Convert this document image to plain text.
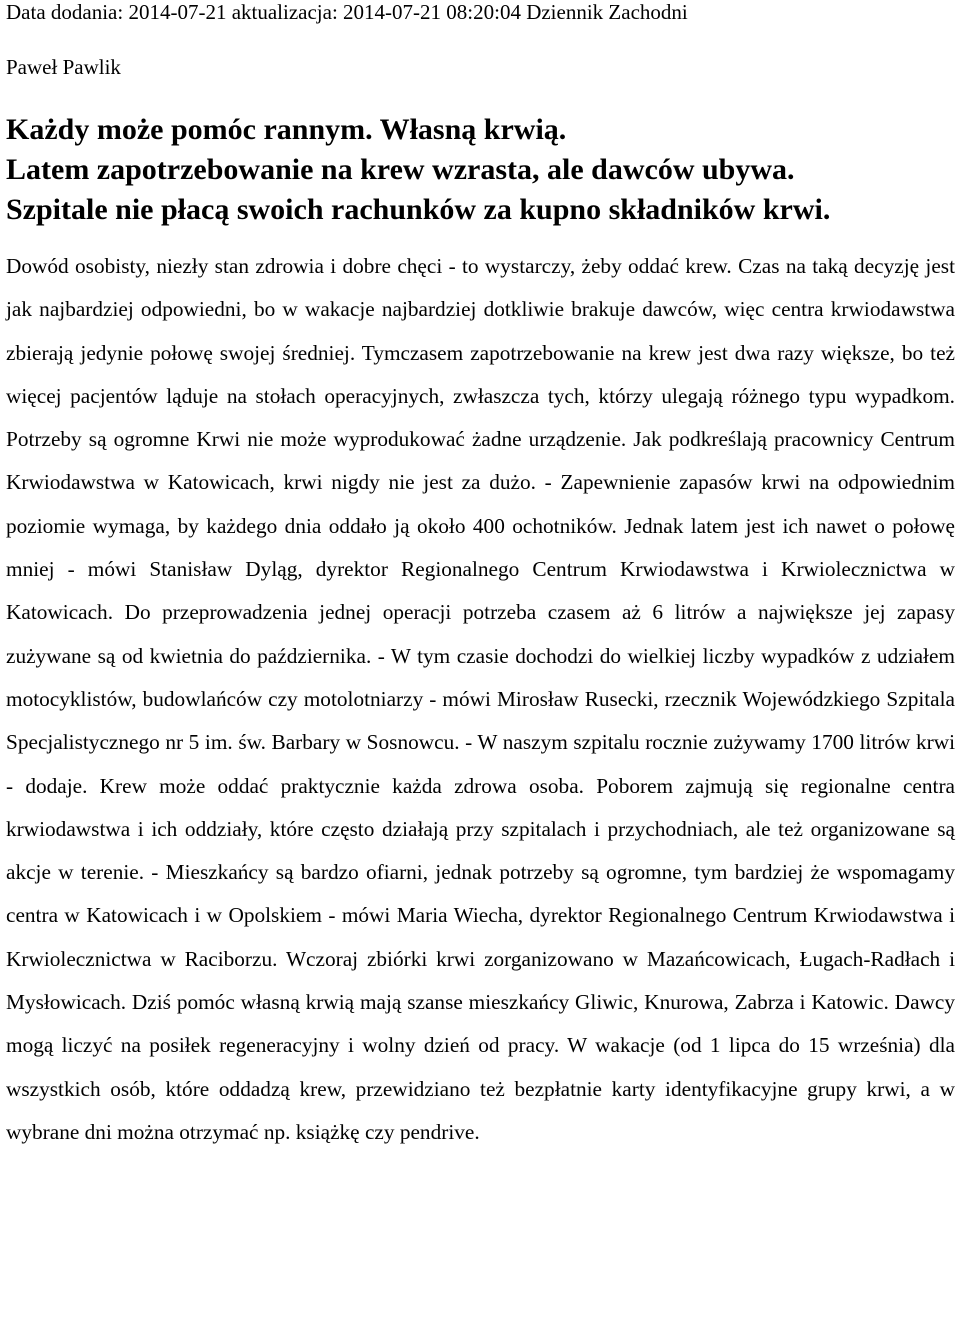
Data dodania: 2014-07-21 aktualizacja: 2014-07-21 08:20:04 Dziennik Zachodni

Paweł Pawlik

Każdy może pomóc rannym. Własną krwią.
Latem zapotrzebowanie na krew wzrasta, ale dawców ubywa.
Szpitale nie płacą swoich rachunków za kupno składników krwi.

Dowód osobisty, niezły stan zdrowia i dobre chęci - to wystarczy, żeby oddać krew. Czas na taką decyzję jest jak najbardziej odpowiedni, bo w wakacje najbardziej dotkliwie brakuje dawców, więc centra krwiodawstwa zbierają jedynie połowę swojej średniej. Tymczasem zapotrzebowanie na krew jest dwa razy większe, bo też więcej pacjentów ląduje na stołach operacyjnych, zwłaszcza tych, którzy ulegają różnego typu wypadkom. Potrzeby są ogromne Krwi nie może wyprodukować żadne urządzenie. Jak podkreślają pracownicy Centrum Krwiodawstwa w Katowicach, krwi nigdy nie jest za dużo. - Zapewnienie zapasów krwi na odpowiednim poziomie wymaga, by każdego dnia oddało ją około 400 ochotników. Jednak latem jest ich nawet o połowę mniej - mówi Stanisław Dyląg, dyrektor Regionalnego Centrum Krwiodawstwa i Krwiolecznictwa w Katowicach. Do przeprowadzenia jednej operacji potrzeba czasem aż 6 litrów a największe jej zapasy zużywane są od kwietnia do października. - W tym czasie dochodzi do wielkiej liczby wypadków z udziałem motocyklistów, budowlańców czy motolotniarzy - mówi Mirosław Rusecki, rzecznik Wojewódzkiego Szpitala Specjalistycznego nr 5 im. św. Barbary w Sosnowcu. - W naszym szpitalu rocznie zużywamy 1700 litrów krwi - dodaje. Krew może oddać praktycznie każda zdrowa osoba. Poborem zajmują się regionalne centra krwiodawstwa i ich oddziały, które często działają przy szpitalach i przychodniach, ale też organizowane są akcje w terenie. - Mieszkańcy są bardzo ofiarni, jednak potrzeby są ogromne, tym bardziej że wspomagamy centra w Katowicach i w Opolskiem - mówi Maria Wiecha, dyrektor Regionalnego Centrum Krwiodawstwa i Krwiolecznictwa w Raciborzu. Wczoraj zbiórki krwi zorganizowano w Mazańcowicach, Ługach-Radłach i Mysłowicach. Dziś pomóc własną krwią mają szanse mieszkańcy Gliwic, Knurowa, Zabrza i Katowic. Dawcy mogą liczyć na posiłek regeneracyjny i wolny dzień od pracy. W wakacje (od 1 lipca do 15 września) dla wszystkich osób, które oddadzą krew, przewidziano też bezpłatnie karty identyfikacyjne grupy krwi, a w wybrane dni można otrzymać np. książkę czy pendrive.
